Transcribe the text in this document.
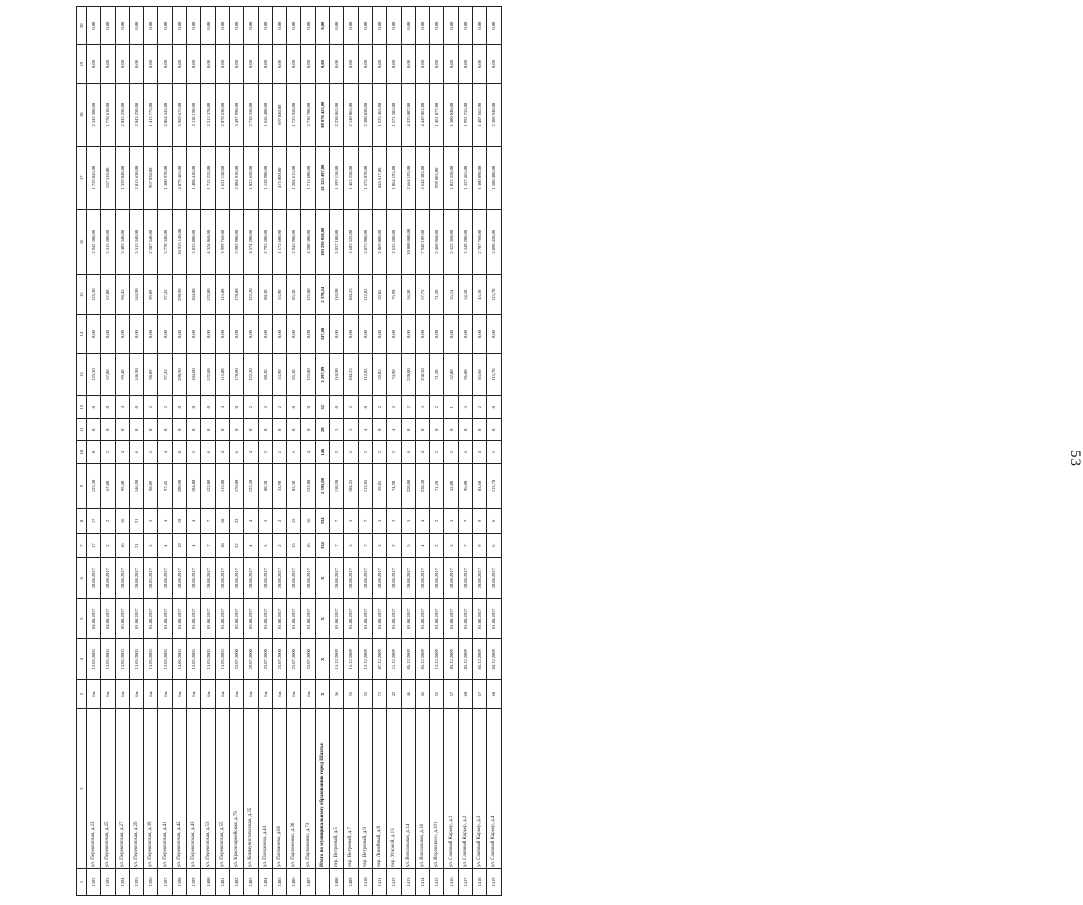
53
1	2	3	4	5	6	7	8	9	10	11	12	13	14	15	16	17	18	19	20
1392	ул. Перекопская, д.23	6ж	15.03.2003	04.08.2017	20.08.2017	17	17	125,30	0	0	0	125,30	0,00	125,30	2 942 300,00	1 759 845,00	2 342 300,00	0,00	0,00
1393	ул. Перекопская, д.25	6ж	13.03.2003	04.08.2017	20.08.2017	2	2	67,00	2	0	0	67,00	0,00	67,00	3 315 300,00	557 310,00	1 778 610,00	0,00	0,00
1394	ул. Перекопская, д.27	6ж	13.02.2003	05.08.2017	20.08.2017	16	16	99,40	4	0	4	99,40	0,00	98,45	3 403 340,00	1 359 040,00	2 043 250,00	0,00	0,00
1395	ул. Перекопская, д.29	6ж	13.05.2003	01.08.2017	20.08.2017	21	21	146,90	6	0	0	146,90	0,00	144,90	3 515 340,00	2 815 630,00	2 043 250,00	0,00	0,00
1396	ул. Перекопская, д.39	6ж	13.03.2003	01.08.2017	20.03.2017	2	2	98,09	2	0	2	98,09	0,00	99,09	2 287 340,00	967 030,00	1 415 775,00	0,00	0,00
1397	ул. Перекопская, д.41	6ж	13.03.2003	01.08.2017	20.08.2017	4	4	97,43	4	0	2	97,43	0,00	97,43	3 770 340,00	1 300 970,00	2 064 545,00	0,00	0,00
1398	ул. Перекопская, д.42	6ж	14.06.2003	01.08.2017	20.08.2017	19	19	290,90	8	0	0	290,90	0,00	290,90	10 953 140,00	4 879 465,00	5 969 675,00	0,00	0,00
1399	ул. Перекопская, д.43	6ж	13.03.2003	01.08.2017	20.08.2017	4	4	184,00	3	0	0	184,00	0,00	184,00	3 835 800,00	1 408 410,00	2 118 190,00	0,00	0,00
1400	ул. Перекопская, д.53	6ж	13.03.2003	01.08.2017	20.08.2017	7	7	122,00	6	0	0	122,00	0,00	122,00	4 324 060,00	1 712 232,00	2 312 378,00	0,00	0,00
1401	ул. Перекопская, д.55	6ж	13.03.2003	01.08.2017	20.08.2017	18	18	115,00	4	0	4	115,00	0,00	115,00	3 999 760,00	1 631 130,00	2 078 630,00	0,00	0,00
1402	ул. Красноармейская, д.79	6ж	23.07.2000	03.08.2017	20.08.2017	22	22	170,00	6	0	0	170,00	0,00	170,00	5 902 900,00	2 004 910,00	3 497 990,00	0,00	0,00
1403	ул. Коммунистическая, д.35	6ж	29.07.2000	03.08.2017	20.08.2017	4	4	122,20	4	0	2	122,20	0,00	122,20	4 574 200,00	1 825 650,00	2 738 550,00	0,00	0,00
1404	ул. Плеханова, д.43	6ж	23.07.2000	01.08.2017	20.08.2017	3	3	80,30	2	0	2	80,30	0,00	80,30	2 795 300,00	1 128 900,00	1 656 400,00	0,00	0,00
1405	ул. Плеханова, д.60	6ж	23.07.2000	01.08.2017	20.08.2017	2	2	33,90	2	0	2	33,90	0,00	33,90	1 172 600,00	475 800,00	697 840,00	0,00	0,00
1406	ул. Пархоменко, д.36	6ж	23.07.2000	01.08.2017	20.08.2017	15	15	85,30	5	0	0	85,30	0,00	85,30	2 945 900,00	1 204 615,00	1 725 950,00	0,00	0,00
1407	ул. Пархоменко, д.73	6ж	23.07.2000	01.08.2017	20.08.2017	16	16	122,80	4	0	0	122,80	0,00	122,80	4 200 300,00	1 713 600,00	2 730 700,00	0,00	0,00
	Итого по муниципальному образованию город Шахты:	X	X	X	X	334	334	2 395,08	146	28	52	2 297,09	347,08	2 378,24	103 295 050,00	41 325 497,00	89 076 423,00	0,00	0,00
1408	пер. Ветреный, д.5	56	15.12.2009	01.08.2017	20.08.2017	7	7	110,90	2	3	0	110,90	0,00	110,90	3 837 180,00	1 599 118,00	2 238 062,00	0,00	0,00
1409	пер. Ветреный, д.7	55	15.12.2009	01.08.2017	20.08.2017	5	5	104,25	3	2	2	104,25	0,00	104,25	3 603 325,00	1 463 258,00	2 140 065,00	0,00	0,00
1410	пер. Ветреный, д.9	55	15.12.2009	01.08.2017	20.08.2017	7	7	112,05	2	4	0	112,05	0,00	112,05	3 875 900,00	1 575 070,00	2 300 830,00	0,00	0,00
1411	пер. Линейный, д.8	71	07.12.2009	01.08.2017	20.08.2017	3	3	59,85	2	0	2	59,85	0,00	59,85	2 069 080,00	845 617,00	1 223 463,00	0,00	0,00
1412	пер. Угловой, д.13	42	11.12.2009	01.08.2017	20.08.2017	2	2	74,90	2	4	2	74,90	0,00	75,90	2 635 580,00	1 064 195,00	1 571 385,00	0,00	0,00
1413	ул. Вокзальная, д.14	46	05.12.2009	01.08.2017	20.08.2017	5	5	220,00	4	0	2	220,00	0,00	54,30	10 000 000,00	2 664 193,00	4 325 807,00	0,00	0,00
1414	ул. Вокзальная, д.16	45	05.12.2009	01.08.2017	20.08.2017	4	4	238,50	4	0	3	238,50	0,00	57,75	7 940 109,00	2 644 303,00	4 449 063,00	0,00	0,00
1415	ул. Воровского, д.101	52	13.12.2009	01.08.2017	20.08.2017	2	2	71,20	2	0	2	71,20	0,00	71,20	2 460 960,00	999 083,00	1 461 877,00	0,00	0,00
1416	ул. Славный Карьер, д.1	57	03.12.2009	01.08.2017	20.08.2017	3	3	32,00	3	0	1	32,00	0,00	35,14	2 322 360,00	1 022 320,00	1 300 040,00	0,00	0,00
1417	ул. Славный Карьер, д.2	60	03.12.2009	01.08.2017	20.08.2017	7	7	96,00	5	0	3	96,00	0,00	54,50	3 349 200,00	1 357 465,00	1 991 735,00	0,00	0,00
1418	ул. Славный Карьер, д.3	67	03.12.2009	01.08.2017	20.08.2017	9	9	83,60	4	0	2	83,60	0,00	43,10	2 707 760,00	1 300 098,00	1 407 662,00	0,00	0,00
1419	ул. Славный Карьер, д.4	68	04.12.2009	01.08.2017	20.08.2017	6	6	113,70	3	0	0	113,70	0,00	113,70	3 890 420,00	1 580 480,00	2 309 940,00	0,00	0,00
